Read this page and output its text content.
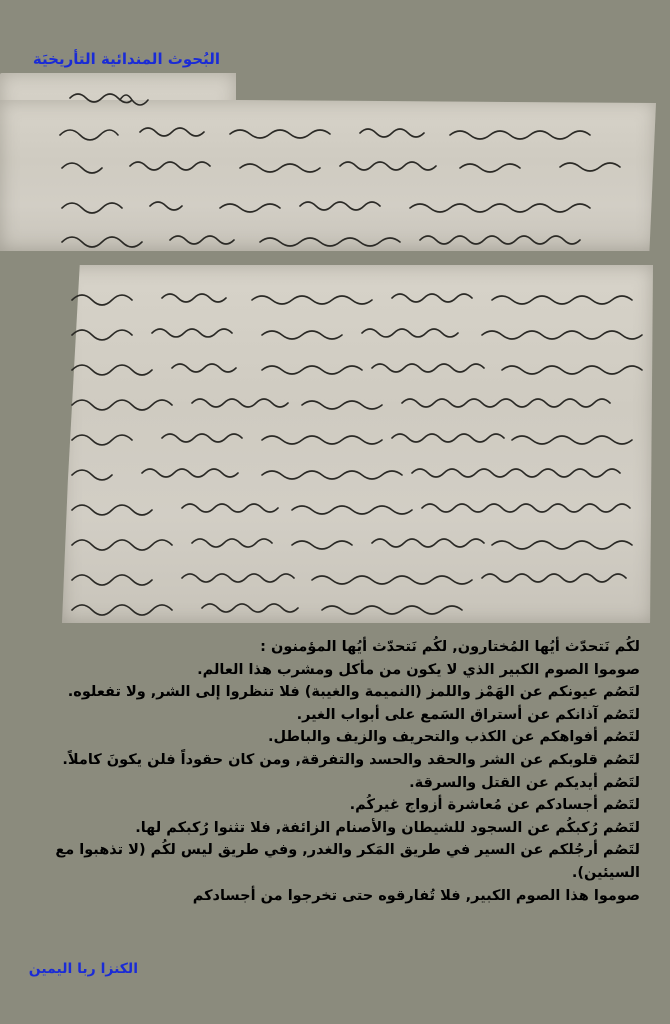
البُحوث المندائية التأريخيَة

لكُم نَتحدّث أيُها المُختارون, لكُم نَتحدّث أيُها المؤمنون :

صوموا الصوم الكبير الذي لا يكون من مأكل ومشرب هذا العالم.

لتَصُم عيونكم عن الهَمْز واللمز (النميمة والغيبة) فلا تنظروا إلى الشر, ولا تفعلوه.

لتَصُم آذانكم عن أستراق السَمع على أبواب الغير.

لتَصُم أفواهكم عن الكذب والتحريف والزيف والباطل.

لتَصُم قلوبكم عن الشر والحقد والحسد والتفرقة, ومن كان حقوداً فلن يكونَ كاملاً.

لتَصُم أيديكم عن القتل والسرقة.

لتَصُم أجسادكم عن مُعاشرة أزواج غيركُم.

لتَصُم رُكبكُم عن السجود للشيطان والأصنام الزائفة, فلا تثنوا رُكبكم لها.

لتَصُم أرجُلكم عن السير في طريق المَكر والغدر, وفي طريق ليس لكُم (لا تذهبوا مع

السيئين).

صوموا هذا الصوم الكبير, فلا تُفارقوه حتى تخرجوا من أجسادكم

الكنزا ربا اليمين
